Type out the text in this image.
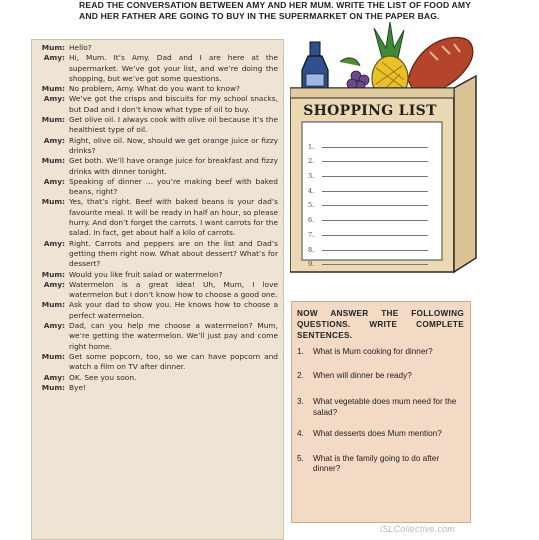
READ THE CONVERSATION BETWEEN AMY AND HER MUM. WRITE THE LIST OF FOOD AMY AND HER FATHER ARE GOING TO BUY IN THE SUPERMARKET ON THE PAPER BAG.
Mum: Hello?
Amy: Hi, Mum. It’s Amy. Dad and I are here at the supermarket. We’ve got your list, and we’re doing the shopping, but we’ve got some questions.
Mum: No problem, Amy. What do you want to know?
Amy: We’ve got the crisps and biscuits for my school snacks, but Dad and I don’t know what type of oil to buy.
Mum: Get olive oil. I always cook with olive oil because it’s the healthiest type of oil.
Amy: Right, olive oil. Now, should we get orange juice or fizzy drinks?
Mum: Get both. We’ll have orange juice for breakfast and fizzy drinks with dinner tonight.
Amy: Speaking of dinner … you’re making beef with baked beans, right?
Mum: Yes, that’s right. Beef with baked beans is your dad’s favourite meal. It will be ready in half an hour, so please hurry. And don’t forget the carrots. I want carrots for the salad. In fact, get about half a kilo of carrots.
Amy: Right. Carrots and peppers are on the list and Dad’s getting them right now. What about dessert? What’s for dessert?
Mum: Would you like fruit salad or watermelon?
Amy: Watermelon is a great idea! Uh, Mum, I love watermelon but I don’t know how to choose a good one.
Mum: Ask your dad to show you. He knows how to choose a perfect watermelon.
Amy: Dad, can you help me choose a watermelon? Mum, we’re getting the watermelon. We’ll just pay and come right home.
Mum: Get some popcorn, too, so we can have popcorn and watch a film on TV after dinner.
Amy: OK. See you soon.
Mum: Bye!
SHOPPING LIST
1.
2.
3.
4.
5.
6.
7.
8.
9.
NOW ANSWER THE FOLLOWING QUESTIONS. WRITE COMPLETE SENTENCES.
1.	What is Mum cooking for dinner?
2.	When will dinner be ready?
3.	What vegetable does mum need for the salad?
4.	What desserts does Mum mention?
5.	What is the family going to do after dinner?
iSLCollective.com
